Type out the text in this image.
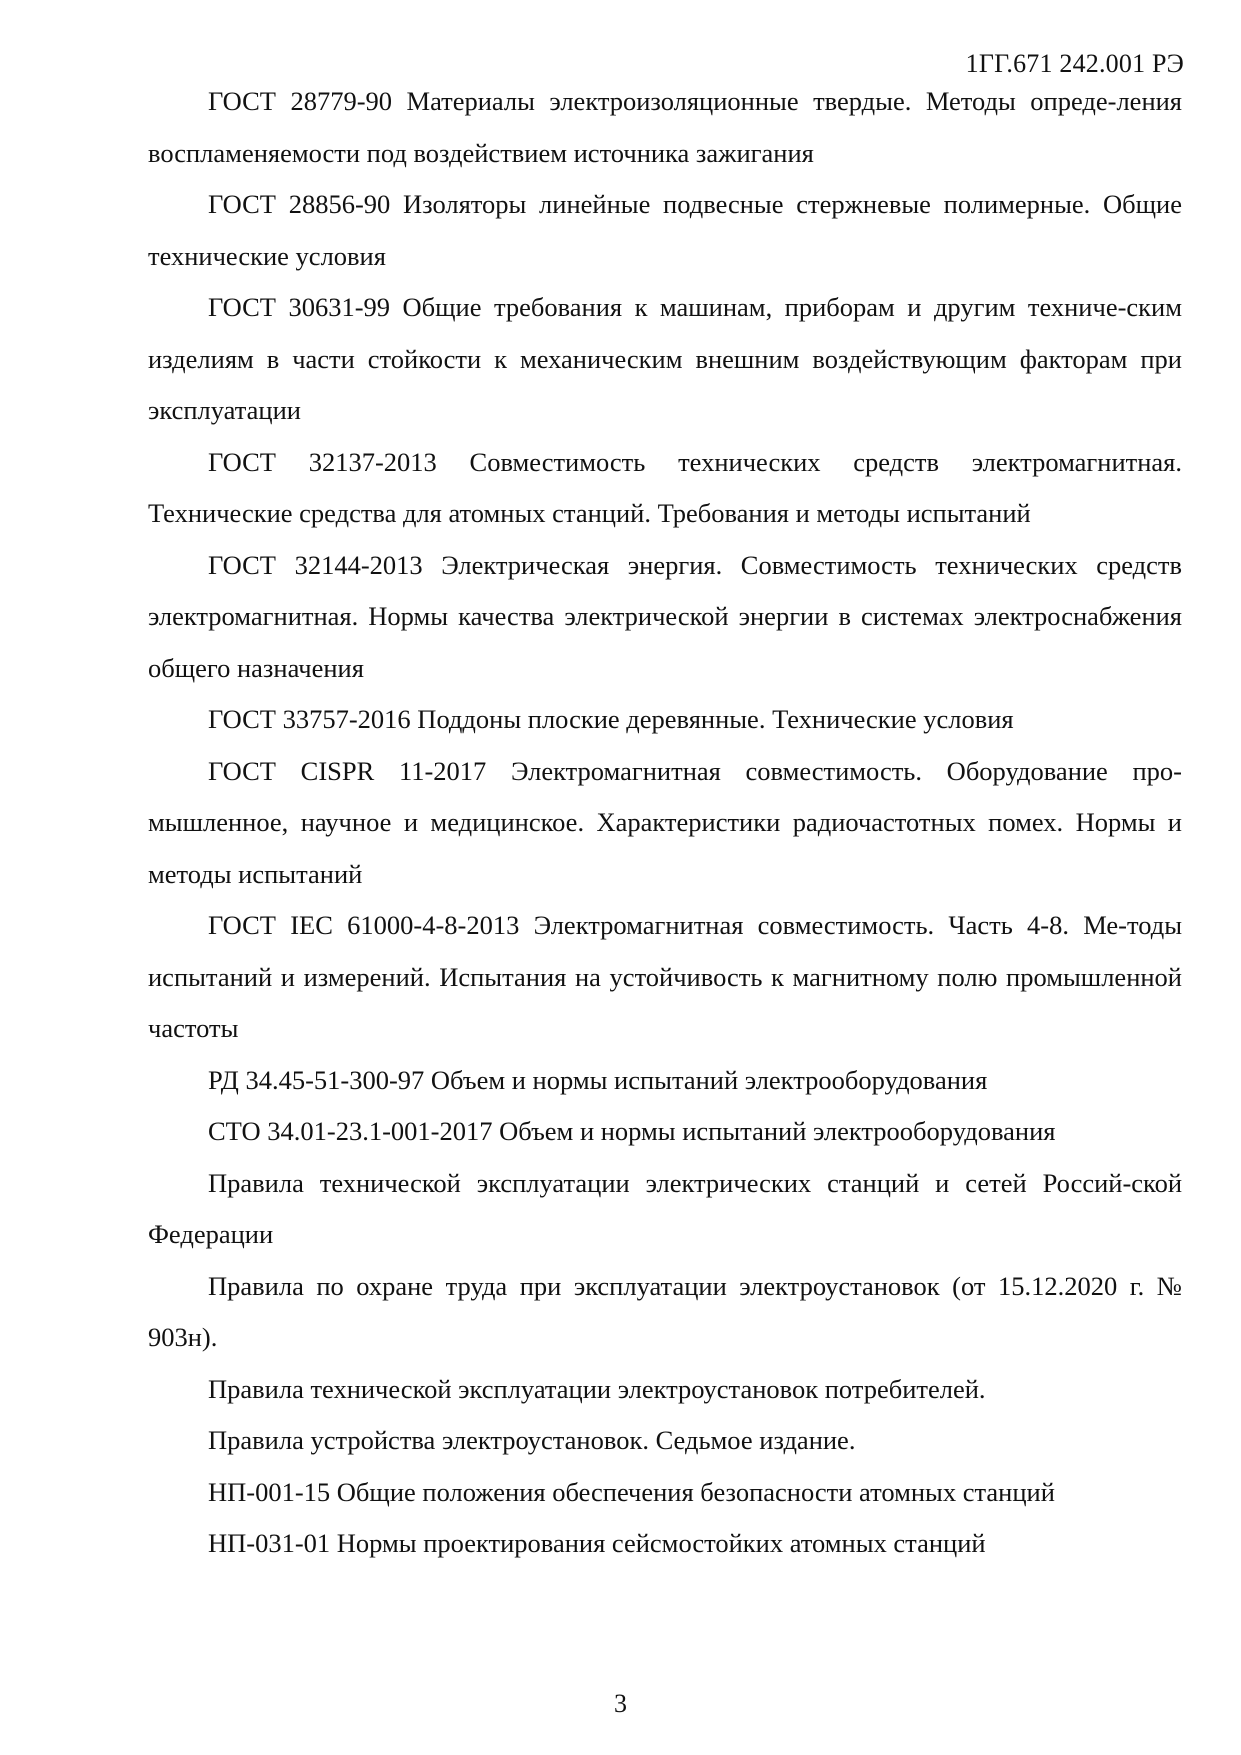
1ГГ.671 242.001 РЭ

ГОСТ 28779-90 Материалы электроизоляционные твердые. Методы опреде-ления воспламеняемости под воздействием источника зажигания

ГОСТ 28856-90 Изоляторы линейные подвесные стержневые полимерные. Общие технические условия

ГОСТ 30631-99 Общие требования к машинам, приборам и другим техниче-ским изделиям в части стойкости к механическим внешним воздействующим факторам при эксплуатации

ГОСТ 32137-2013 Совместимость технических средств электромагнитная. Технические средства для атомных станций. Требования и методы испытаний

ГОСТ 32144-2013 Электрическая энергия. Совместимость технических средств электромагнитная. Нормы качества электрической энергии в системах электроснабжения общего назначения

ГОСТ 33757-2016 Поддоны плоские деревянные. Технические условия

ГОСТ CISPR 11-2017 Электромагнитная совместимость. Оборудование про-мышленное, научное и медицинское. Характеристики радиочастотных помех. Нормы и методы испытаний

ГОСТ IEC 61000-4-8-2013 Электромагнитная совместимость. Часть 4-8. Ме-тоды испытаний и измерений. Испытания на устойчивость к магнитному полю промышленной частоты

РД 34.45-51-300-97 Объем и нормы испытаний электрооборудования

СТО 34.01-23.1-001-2017 Объем и нормы испытаний электрооборудования

Правила технической эксплуатации электрических станций и сетей Россий-ской Федерации

Правила по охране труда при эксплуатации электроустановок (от 15.12.2020 г. № 903н).

Правила технической эксплуатации электроустановок потребителей.

Правила устройства электроустановок. Седьмое издание.

НП-001-15 Общие положения обеспечения безопасности атомных станций

НП-031-01 Нормы проектирования сейсмостойких атомных станций

3
